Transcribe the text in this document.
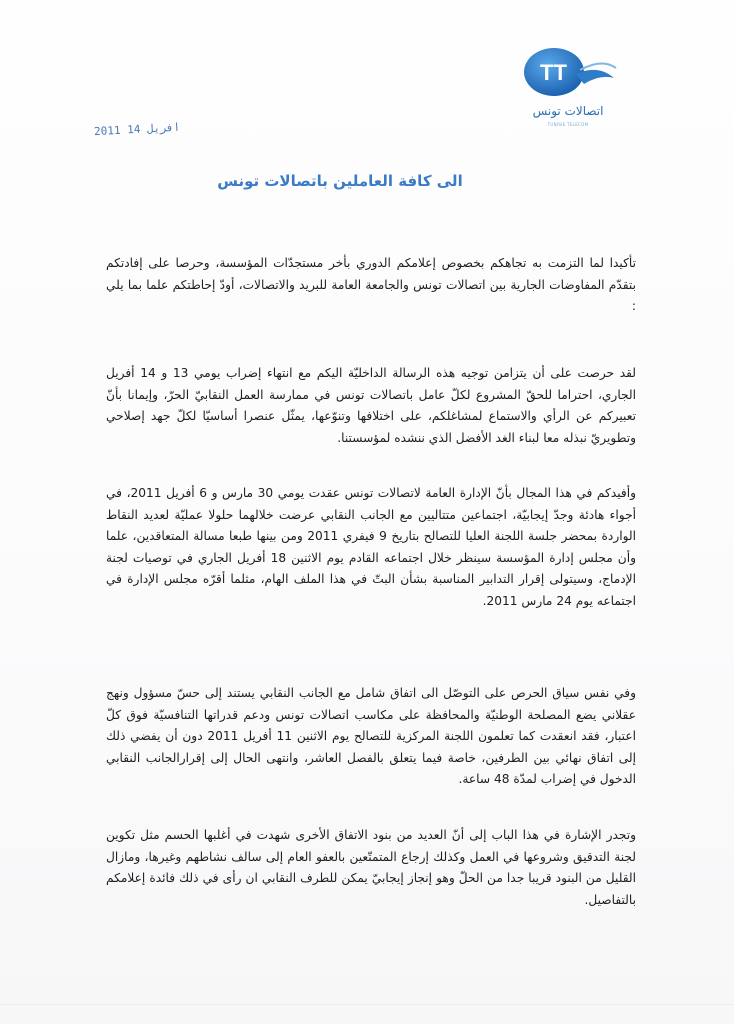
TT
اتصالات تونس
TUNISIE TELECOM
2011 افريل 14
الى كافة العاملين باتصالات تونس
تأكيدا لما التزمت به تجاهكم بخصوص إعلامكم الدوري بأخر مستجدّات المؤسسة، وحرصا على إفادتكم بتقدّم المفاوضات الجارية بين اتصالات تونس والجامعة العامة للبريد والاتصالات، أودّ إحاطتكم علما بما يلي :
لقد حرصت على أن يتزامن توجيه هذه الرسالة الداخليّة اليكم مع انتهاء إضراب يومي 13 و 14 أفريل الجاري، احتراما للحقّ المشروع لكلّ عامل باتصالات تونس في ممارسة العمل النقابيّ الحرّ، وإيمانا بأنّ تعبيركم عن الرأي والاستماع لمشاغلكم، على اختلافها وتنوّعها، يمثّل عنصرا أساسيّا لكلّ جهد إصلاحي وتطويريّ نبذله معا لبناء الغد الأفضل الذي ننشده لمؤسستنا.
وأفيدكم في هذا المجال بأنّ الإدارة العامة لاتصالات تونس عقدت يومي 30 مارس و 6 أفريل 2011، في أجواء هادئة وجدّ إيجابيّة، اجتماعين متتاليين مع الجانب النقابي عرضت خلالهما حلولا عمليّة لعديد النقاط الواردة بمحضر جلسة اللجنة العليا للتصالح بتاريخ 9 فيفري 2011 ومن بينها طبعا مسالة المتعاقدين، علما وأن مجلس إدارة المؤسسة سينظر خلال اجتماعه القادم يوم الاثنين 18 أفريل الجاري في توصيات لجنة الإدماج، وسيتولى إقرار التدابير المناسبة بشأن البتّ في هذا الملف الهام، مثلما أقرّه مجلس الإدارة في اجتماعه يوم 24 مارس 2011.
وفي نفس سياق الحرص على التوصّل الى اتفاق شامل مع الجانب النقابي يستند إلى حسّ مسؤول ونهج عقلاني يضع المصلحة الوطنيّة والمحافظة على مكاسب اتصالات تونس ودعم قدراتها التنافسيّة فوق كلّ اعتبار، فقد انعقدت كما تعلمون اللجنة المركزية للتصالح يوم الاثنين 11 أفريل 2011 دون أن يفضي ذلك إلى اتفاق نهائي بين الطرفين، خاصة فيما يتعلق بالفصل العاشر، وانتهى الحال إلى إقرارالجانب النقابي الدخول في إضراب لمدّة 48 ساعة.
وتجدر الإشارة في هذا الباب إلى أنّ العديد من بنود الاتفاق الأخرى شهدت في أغلبها الحسم مثل تكوين لجنة التدقيق وشروعها في العمل وكذلك إرجاع المتمتّعين بالعفو العام إلى سالف نشاطهم وغيرها، ومازال القليل من البنود قريبا جدا من الحلّ وهو إنجاز إيجابيّ يمكن للطرف النقابي ان رأى في ذلك فائدة إعلامكم بالتفاصيل.
